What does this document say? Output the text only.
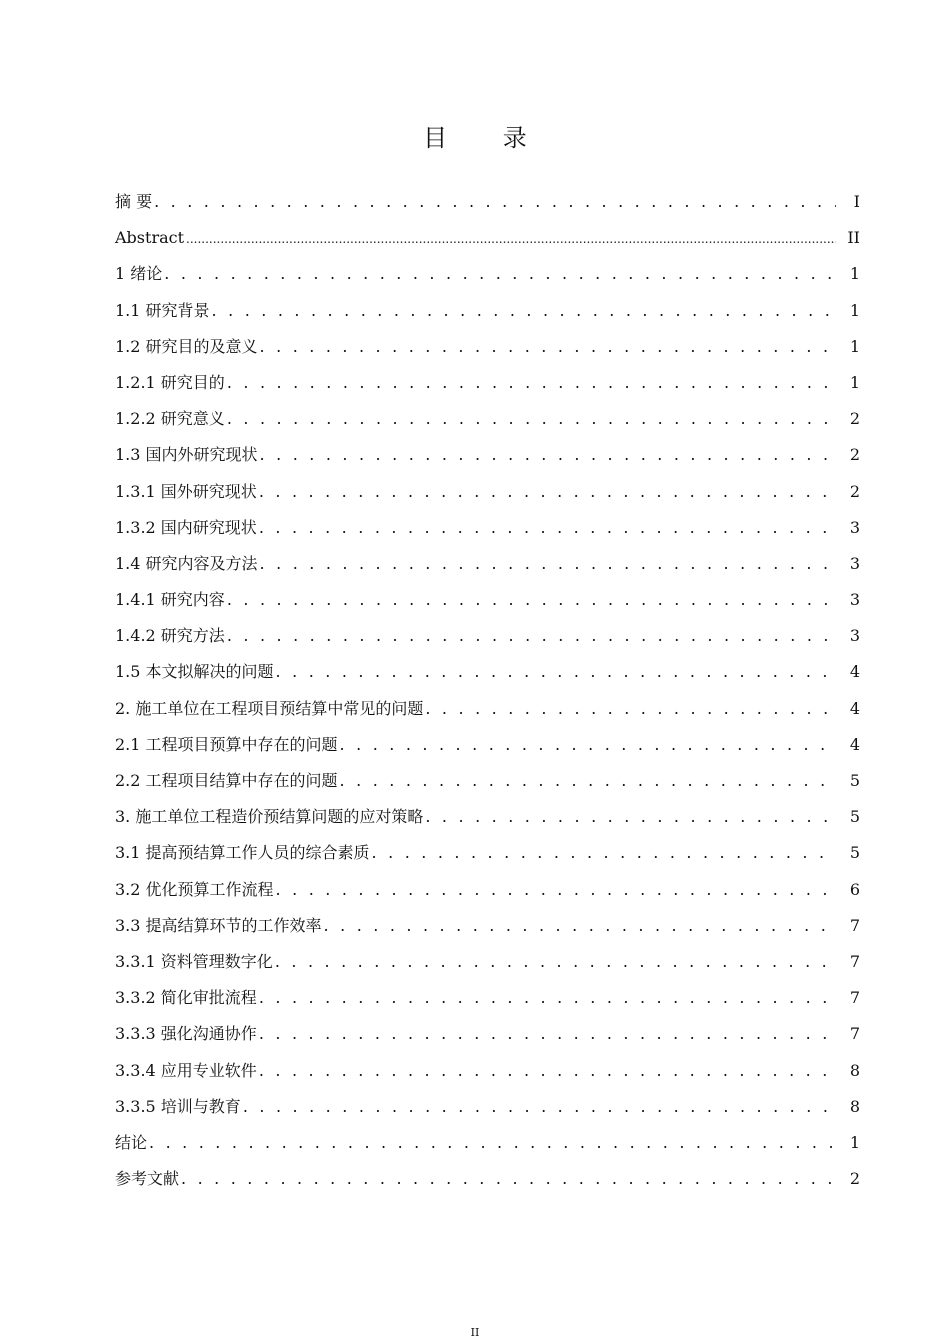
目 录
摘 要 . . .	I
Abstract .....	II
1 绪论 . . .	1
1.1 研究背景 . . .	1
1.2 研究目的及意义 . . .	1
1.2.1 研究目的 . . .	1
1.2.2 研究意义 . . .	2
1.3 国内外研究现状 . . .	2
1.3.1 国外研究现状 . . .	2
1.3.2 国内研究现状 . . .	3
1.4 研究内容及方法 . . .	3
1.4.1 研究内容 . . .	3
1.4.2 研究方法 . . .	3
1.5 本文拟解决的问题 . . .	4
2. 施工单位在工程项目预结算中常见的问题 . . .	4
2.1 工程项目预算中存在的问题 . . .	4
2.2 工程项目结算中存在的问题 . . .	5
3. 施工单位工程造价预结算问题的应对策略 . . .	5
3.1 提高预结算工作人员的综合素质 . . .	5
3.2 优化预算工作流程 . . .	6
3.3 提高结算环节的工作效率 . . .	7
3.3.1 资料管理数字化 . . .	7
3.3.2 简化审批流程 . . .	7
3.3.3 强化沟通协作 . . .	7
3.3.4 应用专业软件 . . .	8
3.3.5 培训与教育 . . .	8
结论 . . .	1
参考文献 . . .	2
II
